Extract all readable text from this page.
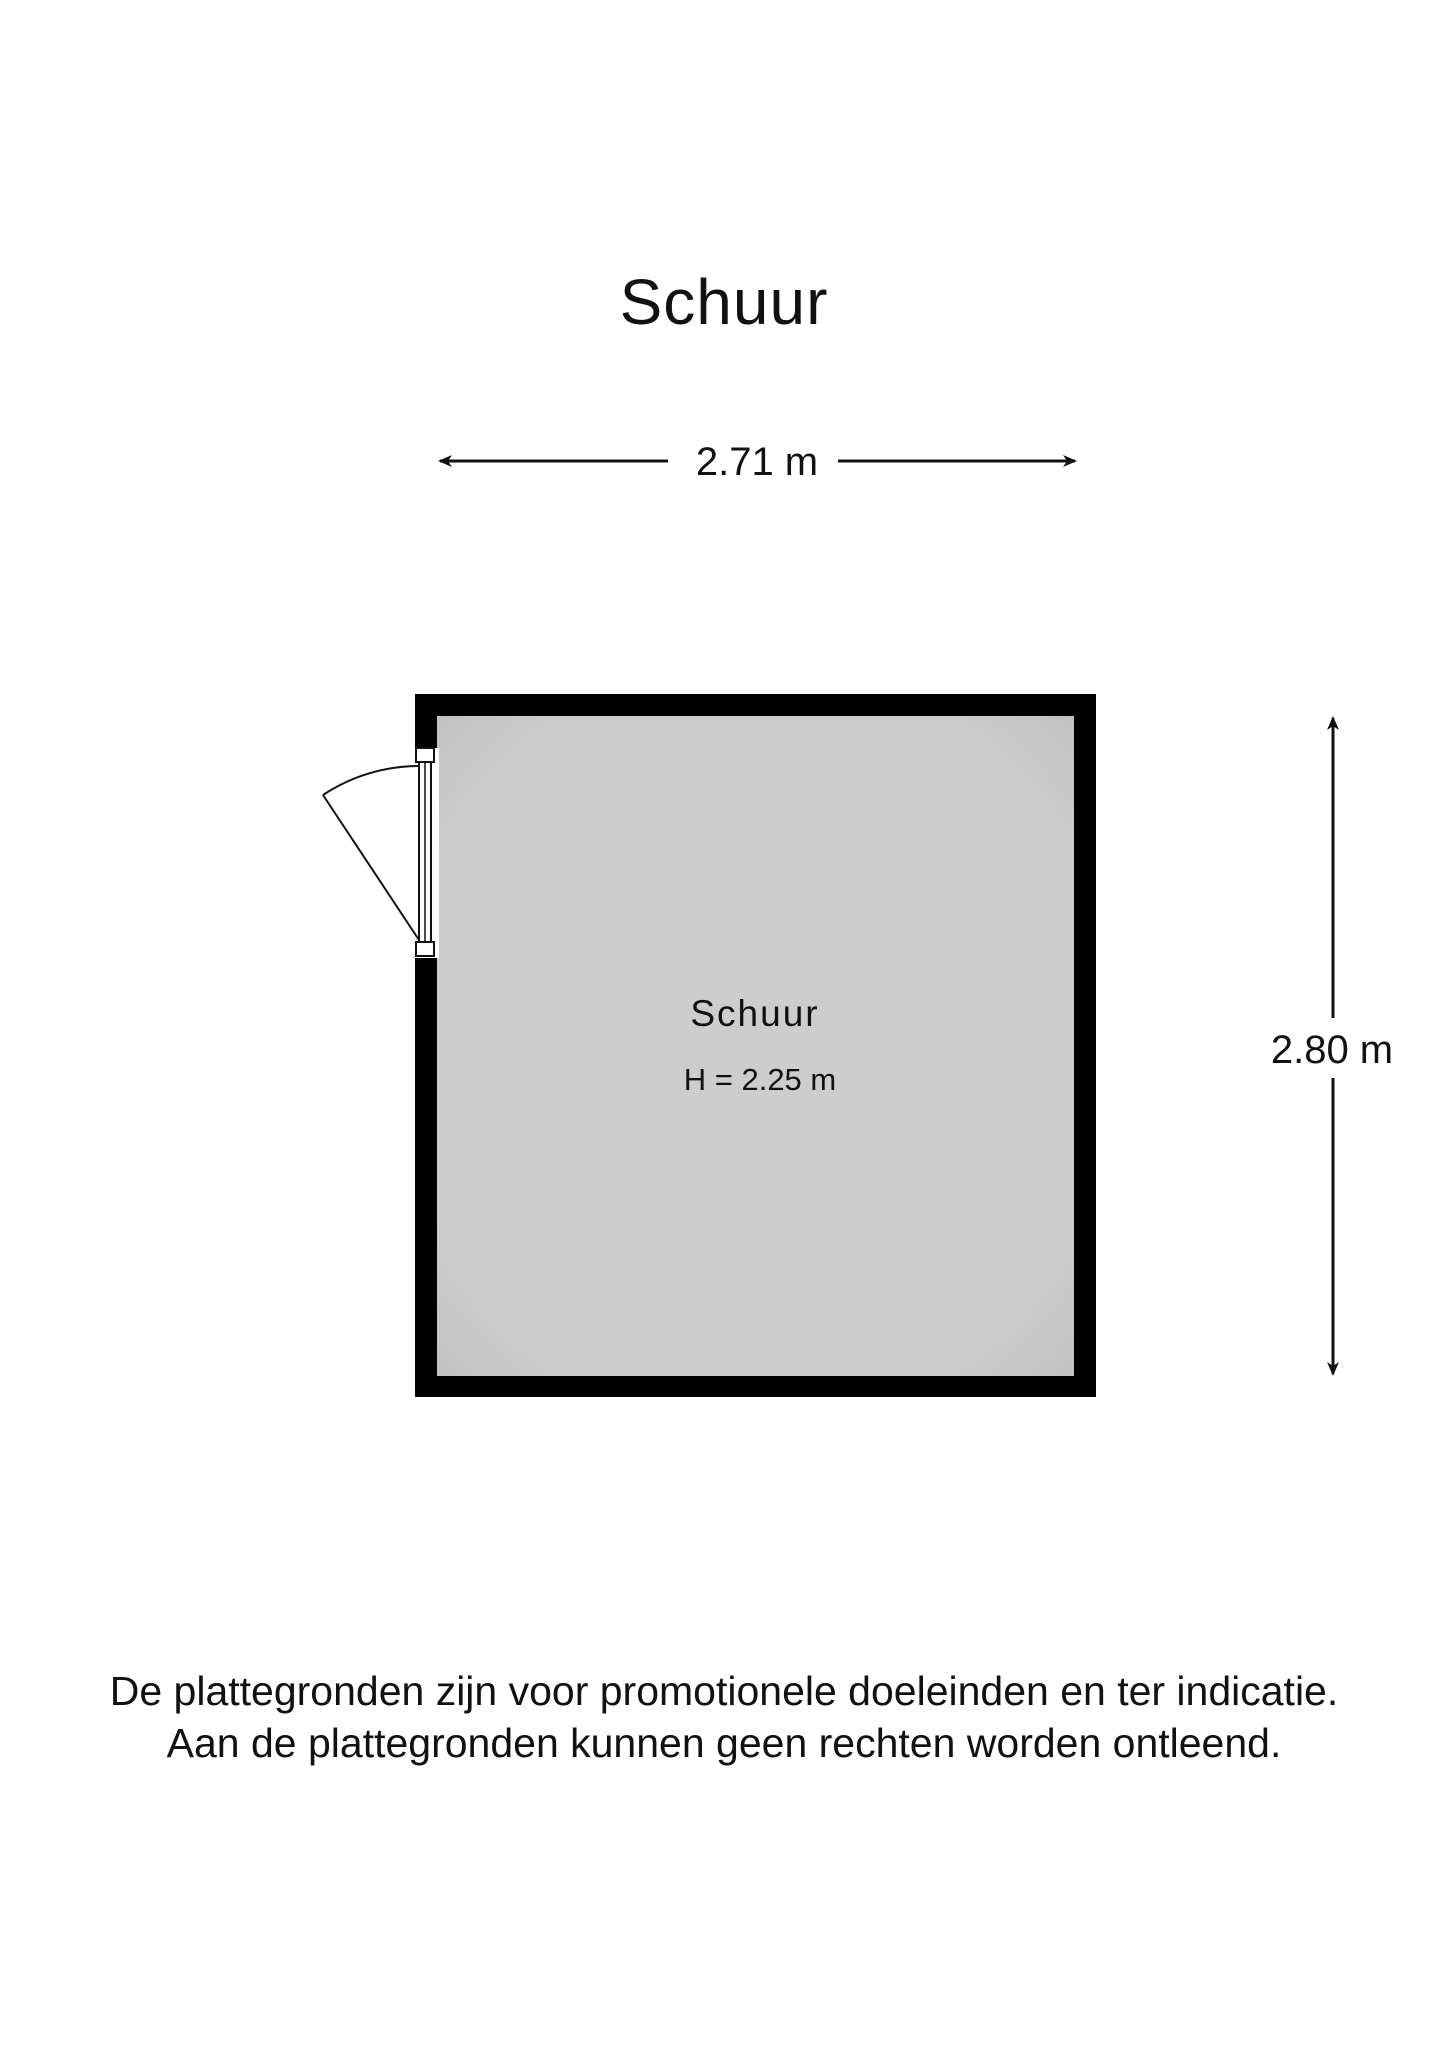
Schuur
2.71 m
2.80 m
Schuur
H = 2.25 m
De plattegronden zijn voor promotionele doeleinden en ter indicatie.
Aan de plattegronden kunnen geen rechten worden ontleend.
